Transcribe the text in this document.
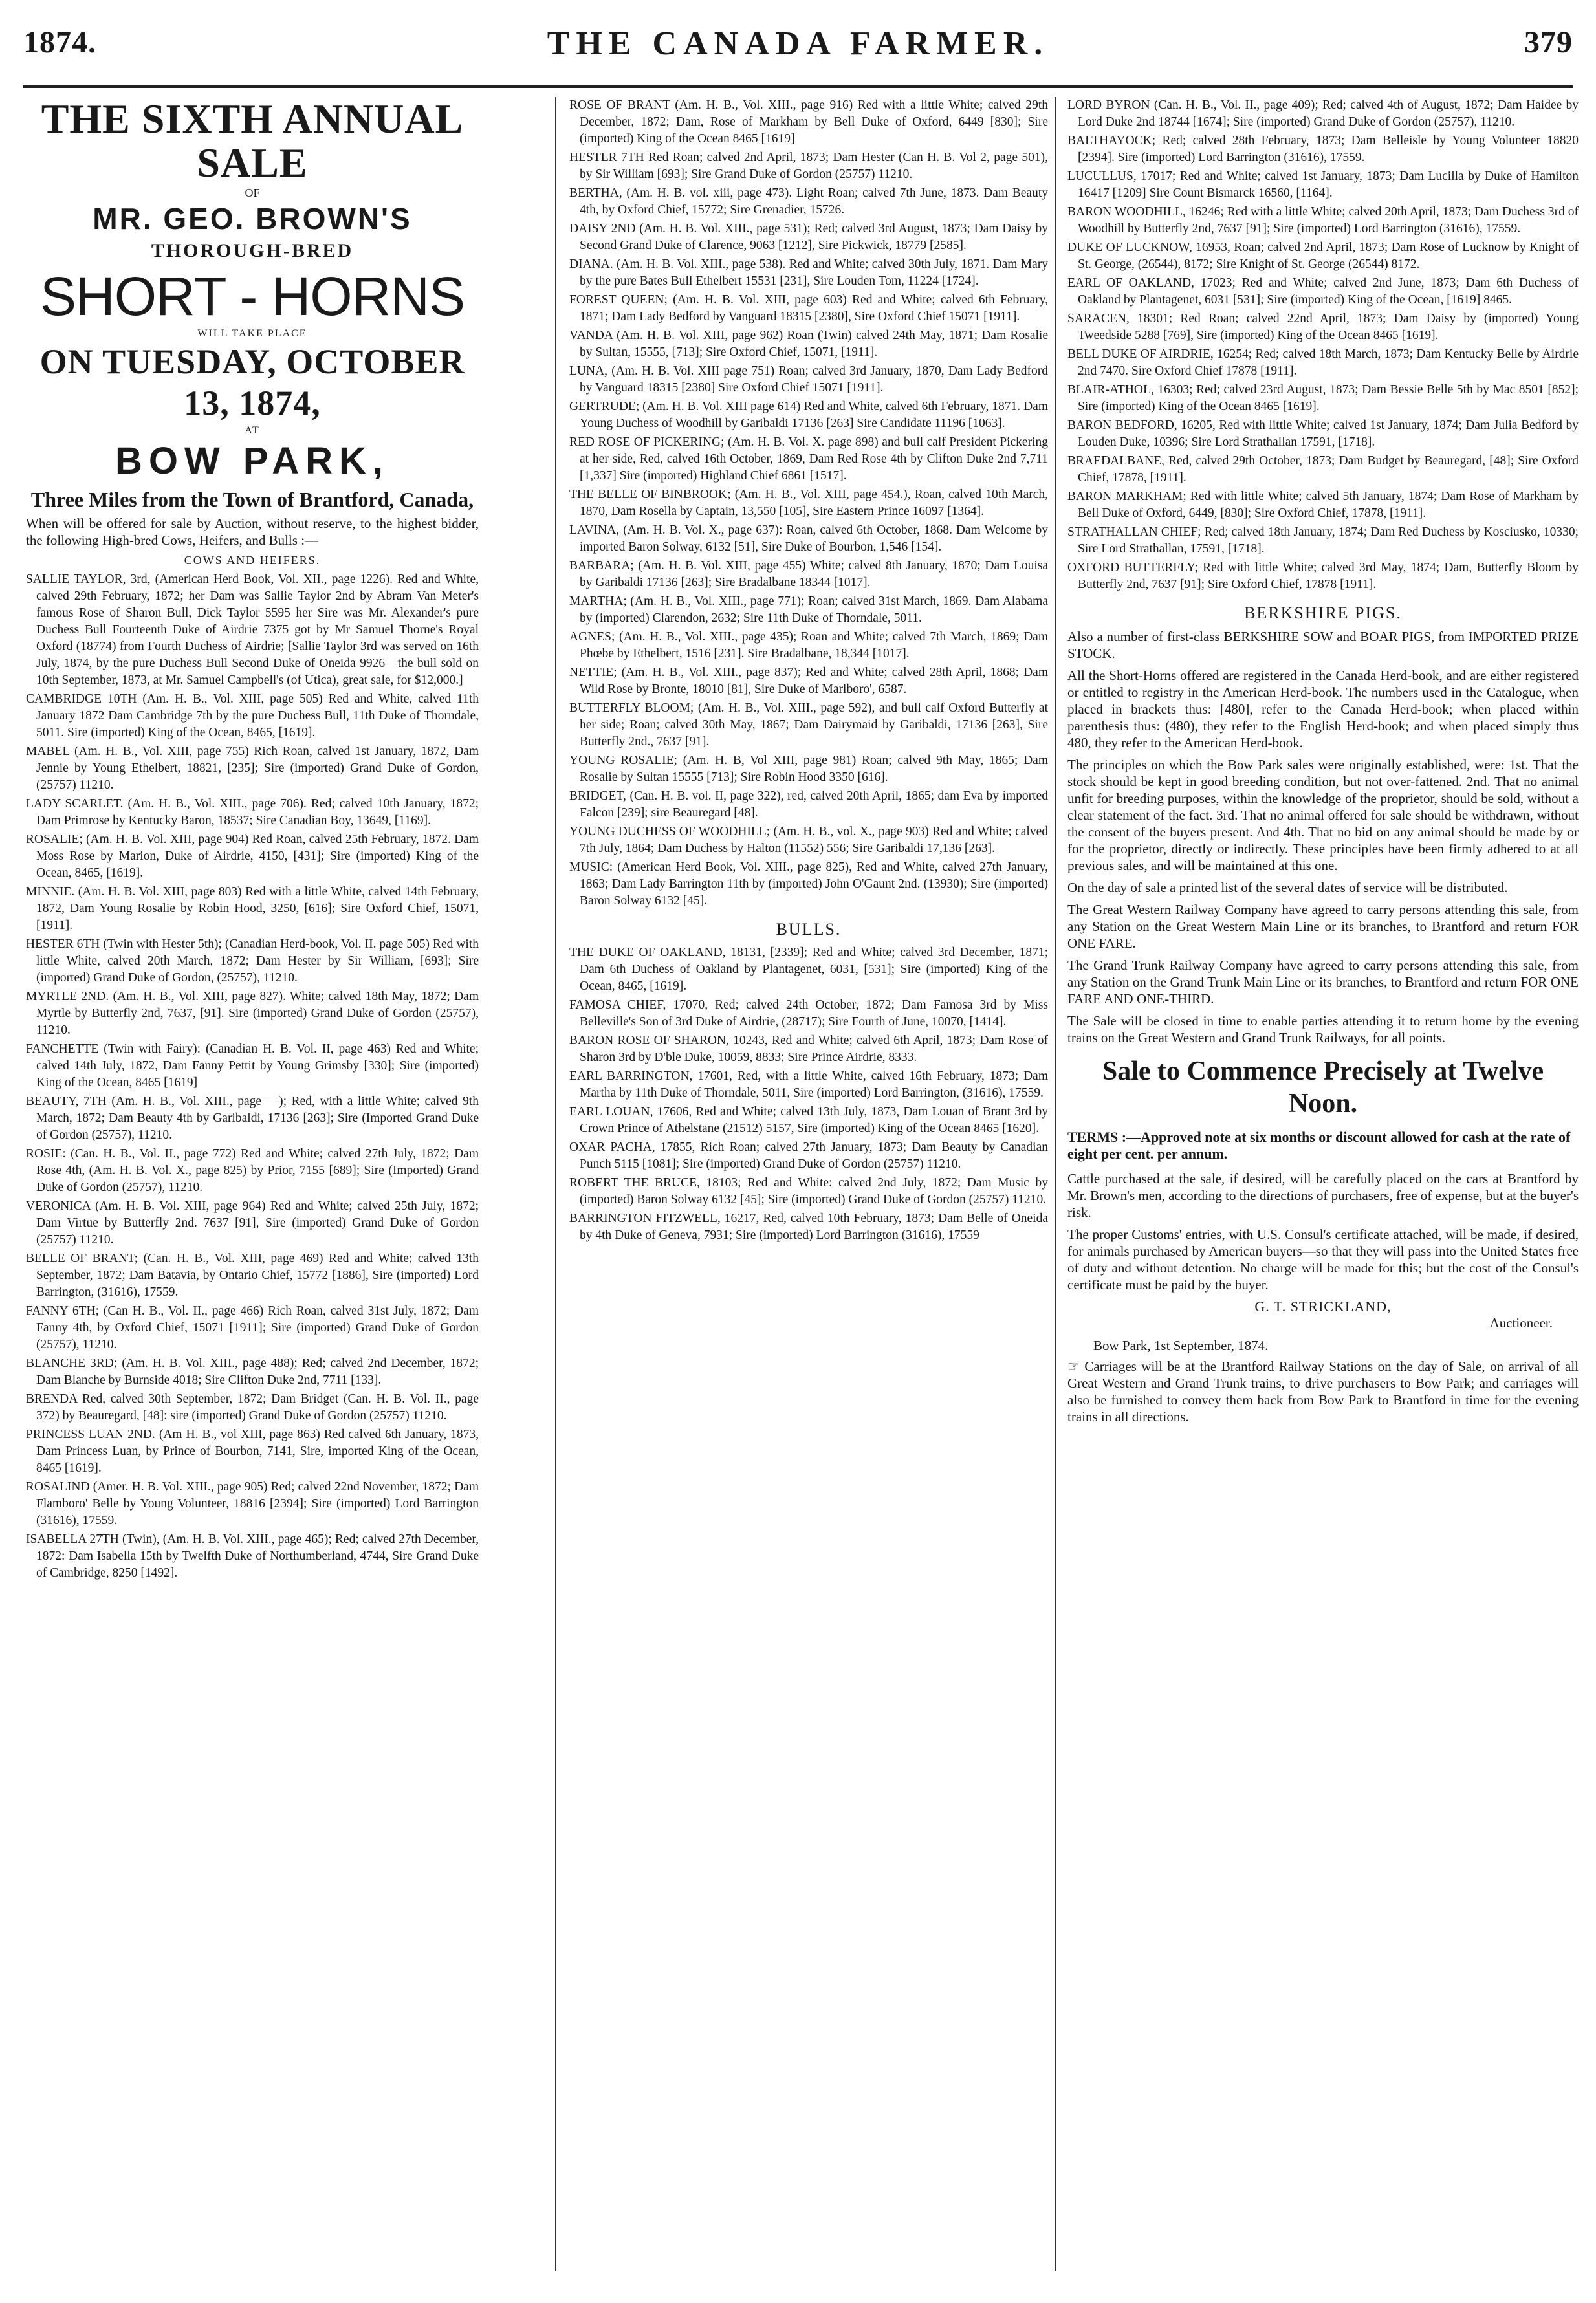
1874.	THE CANADA FARMER.	379
THE SIXTH ANNUAL SALE
OF
MR. GEO. BROWN'S
THOROUGH-BRED
SHORT - HORNS
WILL TAKE PLACE
ON TUESDAY, OCTOBER 13, 1874,
AT
BOW PARK,
Three Miles from the Town of Brantford, Canada,

When will be offered for sale by Auction, without reserve, to the highest bidder, the following High-bred Cows, Heifers, and Bulls :—

COWS AND HEIFERS.

SALLIE TAYLOR, 3rd, (American Herd Book, Vol. XII., page 1226). Red and White, calved 29th February, 1872; her Dam was Sallie Taylor 2nd by Abram Van Meter's famous Rose of Sharon Bull, Dick Taylor 5595 her Sire was Mr. Alexander's pure Duchess Bull Fourteenth Duke of Airdrie 7375 got by Mr Samuel Thorne's Royal Oxford (18774) from Fourth Duchess of Airdrie; [Sallie Taylor 3rd was served on 16th July, 1874, by the pure Duchess Bull Second Duke of Oneida 9926—the bull sold on 10th September, 1873, at Mr. Samuel Campbell's (of Utica), great sale, for $12,000.]

CAMBRIDGE 10TH (Am. H. B., Vol. XIII, page 505) Red and White, calved 11th January 1872 Dam Cambridge 7th by the pure Duchess Bull, 11th Duke of Thorndale, 5011. Sire (imported) King of the Ocean, 8465, [1619].

MABEL (Am. H. B., Vol. XIII, page 755) Rich Roan, calved 1st January, 1872, Dam Jennie by Young Ethelbert, 18821, [235]; Sire (imported) Grand Duke of Gordon, (25757) 11210.

LADY SCARLET. (Am. H. B., Vol. XIII., page 706). Red; calved 10th January, 1872; Dam Primrose by Kentucky Baron, 18537; Sire Canadian Boy, 13649, [1169].

ROSALIE; (Am. H. B. Vol. XIII, page 904) Red Roan, calved 25th February, 1872. Dam Moss Rose by Marion, Duke of Airdrie, 4150, [431]; Sire (imported) King of the Ocean, 8465, [1619].

MINNIE. (Am. H. B. Vol. XIII, page 803) Red with a little White, calved 14th February, 1872, Dam Young Rosalie by Robin Hood, 3250, [616]; Sire Oxford Chief, 15071, [1911].

HESTER 6TH (Twin with Hester 5th); (Canadian Herd-book, Vol. II. page 505) Red with little White, calved 20th March, 1872; Dam Hester by Sir William, [693]; Sire (imported) Grand Duke of Gordon, (25757), 11210.

MYRTLE 2ND. (Am. H. B., Vol. XIII, page 827). White; calved 18th May, 1872; Dam Myrtle by Butterfly 2nd, 7637, [91]. Sire (imported) Grand Duke of Gordon (25757), 11210.

FANCHETTE (Twin with Fairy): (Canadian H. B. Vol. II, page 463) Red and White; calved 14th July, 1872, Dam Fanny Pettit by Young Grimsby [330]; Sire (imported) King of the Ocean, 8465 [1619]

BEAUTY, 7TH (Am. H. B., Vol. XIII., page —); Red, with a little White; calved 9th March, 1872; Dam Beauty 4th by Garibaldi, 17136 [263]; Sire (Imported Grand Duke of Gordon (25757), 11210.

ROSIE: (Can. H. B., Vol. II., page 772) Red and White; calved 27th July, 1872; Dam Rose 4th, (Am. H. B. Vol. X., page 825) by Prior, 7155 [689]; Sire (Imported) Grand Duke of Gordon (25757), 11210.

VERONICA (Am. H. B. Vol. XIII, page 964) Red and White; calved 25th July, 1872; Dam Virtue by Butterfly 2nd. 7637 [91], Sire (imported) Grand Duke of Gordon (25757) 11210.

BELLE OF BRANT; (Can. H. B., Vol. XIII, page 469) Red and White; calved 13th September, 1872; Dam Batavia, by Ontario Chief, 15772 [1886], Sire (imported) Lord Barrington, (31616), 17559.

FANNY 6TH; (Can H. B., Vol. II., page 466) Rich Roan, calved 31st July, 1872; Dam Fanny 4th, by Oxford Chief, 15071 [1911]; Sire (imported) Grand Duke of Gordon (25757), 11210.

BLANCHE 3RD; (Am. H. B. Vol. XIII., page 488); Red; calved 2nd December, 1872; Dam Blanche by Burnside 4018; Sire Clifton Duke 2nd, 7711 [133].

BRENDA Red, calved 30th September, 1872; Dam Bridget (Can. H. B. Vol. II., page 372) by Beauregard, [48]: sire (imported) Grand Duke of Gordon (25757) 11210.

PRINCESS LUAN 2ND. (Am H. B., vol XIII, page 863) Red calved 6th January, 1873, Dam Princess Luan, by Prince of Bourbon, 7141, Sire, imported King of the Ocean, 8465 [1619].

ROSALIND (Amer. H. B. Vol. XIII., page 905) Red; calved 22nd November, 1872; Dam Flamboro' Belle by Young Volunteer, 18816 [2394]; Sire (imported) Lord Barrington (31616), 17559.

ISABELLA 27TH (Twin), (Am. H. B. Vol. XIII., page 465); Red; calved 27th December, 1872: Dam Isabella 15th by Twelfth Duke of Northumberland, 4744, Sire Grand Duke of Cambridge, 8250 [1492].

ROSE OF BRANT (Am. H. B., Vol. XIII., page 916) Red with a little White; calved 29th December, 1872; Dam, Rose of Markham by Bell Duke of Oxford, 6449 [830]; Sire (imported) King of the Ocean 8465 [1619]

HESTER 7TH Red Roan; calved 2nd April, 1873; Dam Hester (Can H. B. Vol 2, page 501), by Sir William [693]; Sire Grand Duke of Gordon (25757) 11210.

BERTHA, (Am. H. B. vol. xiii, page 473). Light Roan; calved 7th June, 1873. Dam Beauty 4th, by Oxford Chief, 15772; Sire Grenadier, 15726.

DAISY 2ND (Am. H. B. Vol. XIII., page 531); Red; calved 3rd August, 1873; Dam Daisy by Second Grand Duke of Clarence, 9063 [1212], Sire Pickwick, 18779 [2585].

DIANA. (Am. H. B. Vol. XIII., page 538). Red and White; calved 30th July, 1871. Dam Mary by the pure Bates Bull Ethelbert 15531 [231], Sire Louden Tom, 11224 [1724].

FOREST QUEEN; (Am. H. B. Vol. XIII, page 603) Red and White; calved 6th February, 1871; Dam Lady Bedford by Vanguard 18315 [2380], Sire Oxford Chief 15071 [1911].

VANDA (Am. H. B. Vol. XIII, page 962) Roan (Twin) calved 24th May, 1871; Dam Rosalie by Sultan, 15555, [713]; Sire Oxford Chief, 15071, [1911].

LUNA, (Am. H. B. Vol. XIII page 751) Roan; calved 3rd January, 1870, Dam Lady Bedford by Vanguard 18315 [2380] Sire Oxford Chief 15071 [1911].

GERTRUDE; (Am. H. B. Vol. XIII page 614) Red and White, calved 6th February, 1871. Dam Young Duchess of Woodhill by Garibaldi 17136 [263] Sire Candidate 11196 [1063].

RED ROSE OF PICKERING; (Am. H. B. Vol. X. page 898) and bull calf President Pickering at her side, Red, calved 16th October, 1869, Dam Red Rose 4th by Clifton Duke 2nd 7,711 [1,337] Sire (imported) Highland Chief 6861 [1517].

THE BELLE OF BINBROOK; (Am. H. B., Vol. XIII, page 454.), Roan, calved 10th March, 1870, Dam Rosella by Captain, 13,550 [105], Sire Eastern Prince 16097 [1364].

LAVINA, (Am. H. B. Vol. X., page 637): Roan, calved 6th October, 1868. Dam Welcome by imported Baron Solway, 6132 [51], Sire Duke of Bourbon, 1,546 [154].

BARBARA; (Am. H. B. Vol. XIII, page 455) White; calved 8th January, 1870; Dam Louisa by Garibaldi 17136 [263]; Sire Bradalbane 18344 [1017].

MARTHA; (Am. H. B., Vol. XIII., page 771); Roan; calved 31st March, 1869. Dam Alabama by (imported) Clarendon, 2632; Sire 11th Duke of Thorndale, 5011.

AGNES; (Am. H. B., Vol. XIII., page 435); Roan and White; calved 7th March, 1869; Dam Phœbe by Ethelbert, 1516 [231]. Sire Bradalbane, 18,344 [1017].

NETTIE; (Am. H. B., Vol. XIII., page 837); Red and White; calved 28th April, 1868; Dam Wild Rose by Bronte, 18010 [81], Sire Duke of Marlboro', 6587.

BUTTERFLY BLOOM; (Am. H. B., Vol. XIII., page 592), and bull calf Oxford Butterfly at her side; Roan; calved 30th May, 1867; Dam Dairymaid by Garibaldi, 17136 [263], Sire Butterfly 2nd., 7637 [91].

YOUNG ROSALIE; (Am. H. B, Vol XIII, page 981) Roan; calved 9th May, 1865; Dam Rosalie by Sultan 15555 [713]; Sire Robin Hood 3350 [616].

BRIDGET, (Can. H. B. vol. II, page 322), red, calved 20th April, 1865; dam Eva by imported Falcon [239]; sire Beauregard [48].

YOUNG DUCHESS OF WOODHILL; (Am. H. B., vol. X., page 903) Red and White; calved 7th July, 1864; Dam Duchess by Halton (11552) 556; Sire Garibaldi 17,136 [263].

MUSIC: (American Herd Book, Vol. XIII., page 825), Red and White, calved 27th January, 1863; Dam Lady Barrington 11th by (imported) John O'Gaunt 2nd. (13930); Sire (imported) Baron Solway 6132 [45].

BULLS.

THE DUKE OF OAKLAND, 18131, [2339]; Red and White; calved 3rd December, 1871; Dam 6th Duchess of Oakland by Plantagenet, 6031, [531]; Sire (imported) King of the Ocean, 8465, [1619].

FAMOSA CHIEF, 17070, Red; calved 24th October, 1872; Dam Famosa 3rd by Miss Belleville's Son of 3rd Duke of Airdrie, (28717); Sire Fourth of June, 10070, [1414].

BARON ROSE OF SHARON, 10243, Red and White; calved 6th April, 1873; Dam Rose of Sharon 3rd by D'ble Duke, 10059, 8833; Sire Prince Airdrie, 8333.

EARL BARRINGTON, 17601, Red, with a little White, calved 16th February, 1873; Dam Martha by 11th Duke of Thorndale, 5011, Sire (imported) Lord Barrington, (31616), 17559.

EARL LOUAN, 17606, Red and White; calved 13th July, 1873, Dam Louan of Brant 3rd by Crown Prince of Athelstane (21512) 5157, Sire (imported) King of the Ocean 8465 [1620].

OXAR PACHA, 17855, Rich Roan; calved 27th January, 1873; Dam Beauty by Canadian Punch 5115 [1081]; Sire (imported) Grand Duke of Gordon (25757) 11210.

ROBERT THE BRUCE, 18103; Red and White: calved 2nd July, 1872; Dam Music by (imported) Baron Solway 6132 [45]; Sire (imported) Grand Duke of Gordon (25757) 11210.

BARRINGTON FITZWELL, 16217, Red, calved 10th February, 1873; Dam Belle of Oneida by 4th Duke of Geneva, 7931; Sire (imported) Lord Barrington (31616), 17559

LORD BYRON (Can. H. B., Vol. II., page 409); Red; calved 4th of August, 1872; Dam Haidee by Lord Duke 2nd 18744 [1674]; Sire (imported) Grand Duke of Gordon (25757), 11210.

BALTHAYOCK; Red; calved 28th February, 1873; Dam Belleisle by Young Volunteer 18820 [2394]. Sire (imported) Lord Barrington (31616), 17559.

LUCULLUS, 17017; Red and White; calved 1st January, 1873; Dam Lucilla by Duke of Hamilton 16417 [1209] Sire Count Bismarck 16560, [1164].

BARON WOODHILL, 16246; Red with a little White; calved 20th April, 1873; Dam Duchess 3rd of Woodhill by Butterfly 2nd, 7637 [91]; Sire (imported) Lord Barrington (31616), 17559.

DUKE OF LUCKNOW, 16953, Roan; calved 2nd April, 1873; Dam Rose of Lucknow by Knight of St. George, (26544), 8172; Sire Knight of St. George (26544) 8172.

EARL OF OAKLAND, 17023; Red and White; calved 2nd June, 1873; Dam 6th Duchess of Oakland by Plantagenet, 6031 [531]; Sire (imported) King of the Ocean, [1619] 8465.

SARACEN, 18301; Red Roan; calved 22nd April, 1873; Dam Daisy by (imported) Young Tweedside 5288 [769], Sire (imported) King of the Ocean 8465 [1619].

BELL DUKE OF AIRDRIE, 16254; Red; calved 18th March, 1873; Dam Kentucky Belle by Airdrie 2nd 7470. Sire Oxford Chief 17878 [1911].

BLAIR-ATHOL, 16303; Red; calved 23rd August, 1873; Dam Bessie Belle 5th by Mac 8501 [852]; Sire (imported) King of the Ocean 8465 [1619].

BARON BEDFORD, 16205, Red with little White; calved 1st January, 1874; Dam Julia Bedford by Louden Duke, 10396; Sire Lord Strathallan 17591, [1718].

BRAEDALBANE, Red, calved 29th October, 1873; Dam Budget by Beauregard, [48]; Sire Oxford Chief, 17878, [1911].

BARON MARKHAM; Red with little White; calved 5th January, 1874; Dam Rose of Markham by Bell Duke of Oxford, 6449, [830]; Sire Oxford Chief, 17878, [1911].

STRATHALLAN CHIEF; Red; calved 18th January, 1874; Dam Red Duchess by Kosciusko, 10330; Sire Lord Strathallan, 17591, [1718].

OXFORD BUTTERFLY; Red with little White; calved 3rd May, 1874; Dam, Butterfly Bloom by Butterfly 2nd, 7637 [91]; Sire Oxford Chief, 17878 [1911].

BERKSHIRE PIGS.

Also a number of first-class BERKSHIRE SOW and BOAR PIGS, from IMPORTED PRIZE STOCK.

All the Short-Horns offered are registered in the Canada Herd-book, and are either registered or entitled to registry in the American Herd-book. The numbers used in the Catalogue, when placed in brackets thus: [480], refer to the Canada Herd-book; when placed within parenthesis thus: (480), they refer to the English Herd-book; and when placed simply thus 480, they refer to the American Herd-book.

The principles on which the Bow Park sales were originally established, were: 1st. That the stock should be kept in good breeding condition, but not over-fattened. 2nd. That no animal unfit for breeding purposes, within the knowledge of the proprietor, should be sold, without a clear statement of the fact. 3rd. That no animal offered for sale should be withdrawn, without the consent of the buyers present. And 4th. That no bid on any animal should be made by or for the proprietor, directly or indirectly. These principles have been firmly adhered to at all previous sales, and will be maintained at this one.

On the day of sale a printed list of the several dates of service will be distributed.

The Great Western Railway Company have agreed to carry persons attending this sale, from any Station on the Great Western Main Line or its branches, to Brantford and return FOR ONE FARE.

The Grand Trunk Railway Company have agreed to carry persons attending this sale, from any Station on the Grand Trunk Main Line or its branches, to Brantford and return FOR ONE FARE AND ONE-THIRD.

The Sale will be closed in time to enable parties attending it to return home by the evening trains on the Great Western and Grand Trunk Railways, for all points.

Sale to Commence Precisely at Twelve Noon.

TERMS :—Approved note at six months or discount allowed for cash at the rate of eight per cent. per annum.

Cattle purchased at the sale, if desired, will be carefully placed on the cars at Brantford by Mr. Brown's men, according to the directions of purchasers, free of expense, but at the buyer's risk.

The proper Customs' entries, with U.S. Consul's certificate attached, will be made, if desired, for animals purchased by American buyers—so that they will pass into the United States free of duty and without detention. No charge will be made for this; but the cost of the Consul's certificate must be paid by the buyer.

G. T. STRICKLAND,
Auctioneer.
Bow Park, 1st September, 1874.

☞ Carriages will be at the Brantford Railway Stations on the day of Sale, on arrival of all Great Western and Grand Trunk trains, to drive purchasers to Bow Park; and carriages will also be furnished to convey them back from Bow Park to Brantford in time for the evening trains in all directions.
